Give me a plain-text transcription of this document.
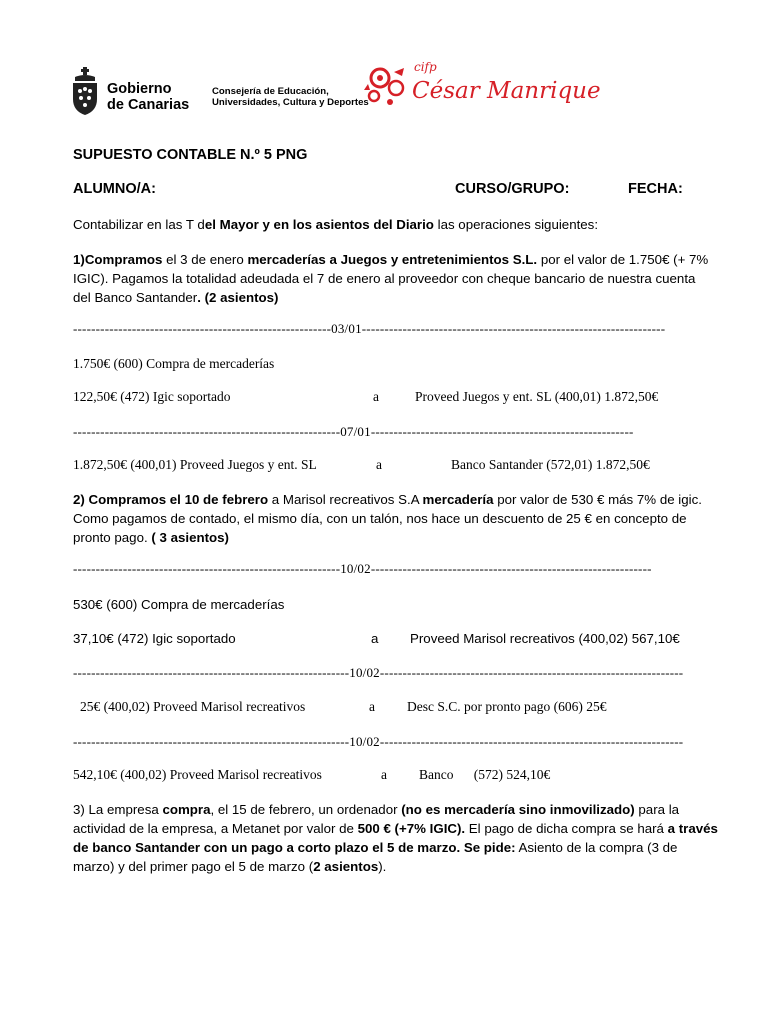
Gobierno
de Canarias
Consejería de Educación,
Universidades, Cultura y Deportes
cifp
César Manrique
SUPUESTO CONTABLE N.º 5 PNG
ALUMNO/A:	CURSO/GRUPO:	FECHA:
Contabilizar en las T del Mayor y en los asientos del Diario las operaciones siguientes:
1)Compramos el 3 de enero mercaderías a Juegos y entretenimientos S.L. por el valor de 1.750€ (+ 7% IGIC). Pagamos la totalidad adeudada el 7 de enero al proveedor con cheque bancario de nuestra cuenta del Banco Santander. (2 asientos)
---------------------------------------------------------03/01-------------------------------------------------------------------
1.750€ (600) Compra de mercaderías
122,50€ (472) Igic soportado	a	Proveed Juegos y ent. SL (400,01) 1.872,50€
-----------------------------------------------------------07/01----------------------------------------------------------
1.872,50€ (400,01) Proveed Juegos y ent. SL	a	Banco Santander (572,01) 1.872,50€
2) Compramos el 10 de febrero a Marisol recreativos S.A mercadería por valor de 530 € más 7% de igic. Como pagamos de contado, el mismo día, con un talón, nos hace un descuento de 25 € en concepto de pronto pago. ( 3 asientos)
-----------------------------------------------------------10/02--------------------------------------------------------------
530€ (600) Compra de mercaderías
37,10€ (472) Igic soportado	a Proveed Marisol recreativos (400,02) 567,10€
-------------------------------------------------------------10/02-------------------------------------------------------------------
25€ (400,02) Proveed Marisol recreativos	a Desc S.C. por pronto pago (606) 25€
-------------------------------------------------------------10/02-------------------------------------------------------------------
542,10€ (400,02) Proveed Marisol recreativos	a Banco      (572) 524,10€
3) La empresa compra, el 15 de febrero, un ordenador (no es mercadería sino inmovilizado) para la actividad de la empresa, a Metanet por valor de 500 € (+7% IGIC). El pago de dicha compra se hará a través de banco Santander con un pago a corto plazo el 5 de marzo. Se pide: Asiento de la compra (3 de marzo) y del primer pago el 5 de marzo (2 asientos).
